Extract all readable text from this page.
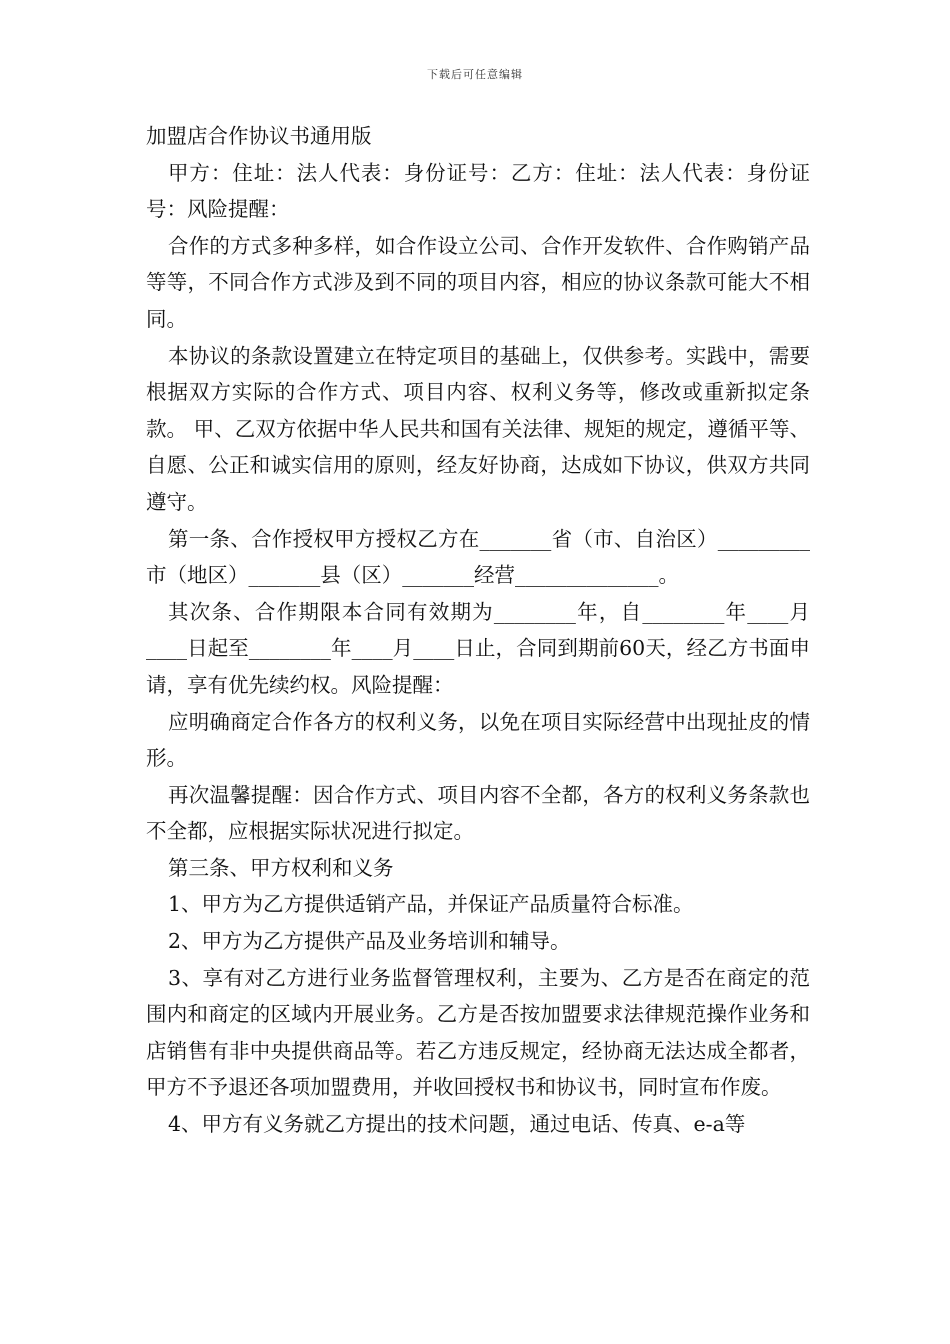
下载后可任意编辑

加盟店合作协议书通用版

甲方：住址：法人代表：身份证号：乙方：住址：法人代表：身份证号：风险提醒：

合作的方式多种多样，如合作设立公司、合作开发软件、合作购销产品等等，不同合作方式涉及到不同的项目内容，相应的协议条款可能大不相同。

本协议的条款设置建立在特定项目的基础上，仅供参考。实践中，需要根据双方实际的合作方式、项目内容、权利义务等，修改或重新拟定条款。 甲、乙双方依据中华人民共和国有关法律、规矩的规定，遵循平等、自愿、公正和诚实信用的原则，经友好协商，达成如下协议，供双方共同遵守。

第一条、合作授权甲方授权乙方在_______省（市、自治区）_________市（地区）_______县（区）_______经营______________。

其次条、合作期限本合同有效期为________年，自________年____月____日起至________年____月____日止，合同到期前60天，经乙方书面申请，享有优先续约权。风险提醒：

应明确商定合作各方的权利义务，以免在项目实际经营中出现扯皮的情形。

再次温馨提醒：因合作方式、项目内容不全都，各方的权利义务条款也不全都，应根据实际状况进行拟定。

第三条、甲方权利和义务

1、甲方为乙方提供适销产品，并保证产品质量符合标准。

2、甲方为乙方提供产品及业务培训和辅导。

3、享有对乙方进行业务监督管理权利，主要为、乙方是否在商定的范围内和商定的区域内开展业务。乙方是否按加盟要求法律规范操作业务和店销售有非中央提供商品等。若乙方违反规定，经协商无法达成全都者，甲方不予退还各项加盟费用，并收回授权书和协议书，同时宣布作废。

4、甲方有义务就乙方提出的技术问题，通过电话、传真、e-a等
